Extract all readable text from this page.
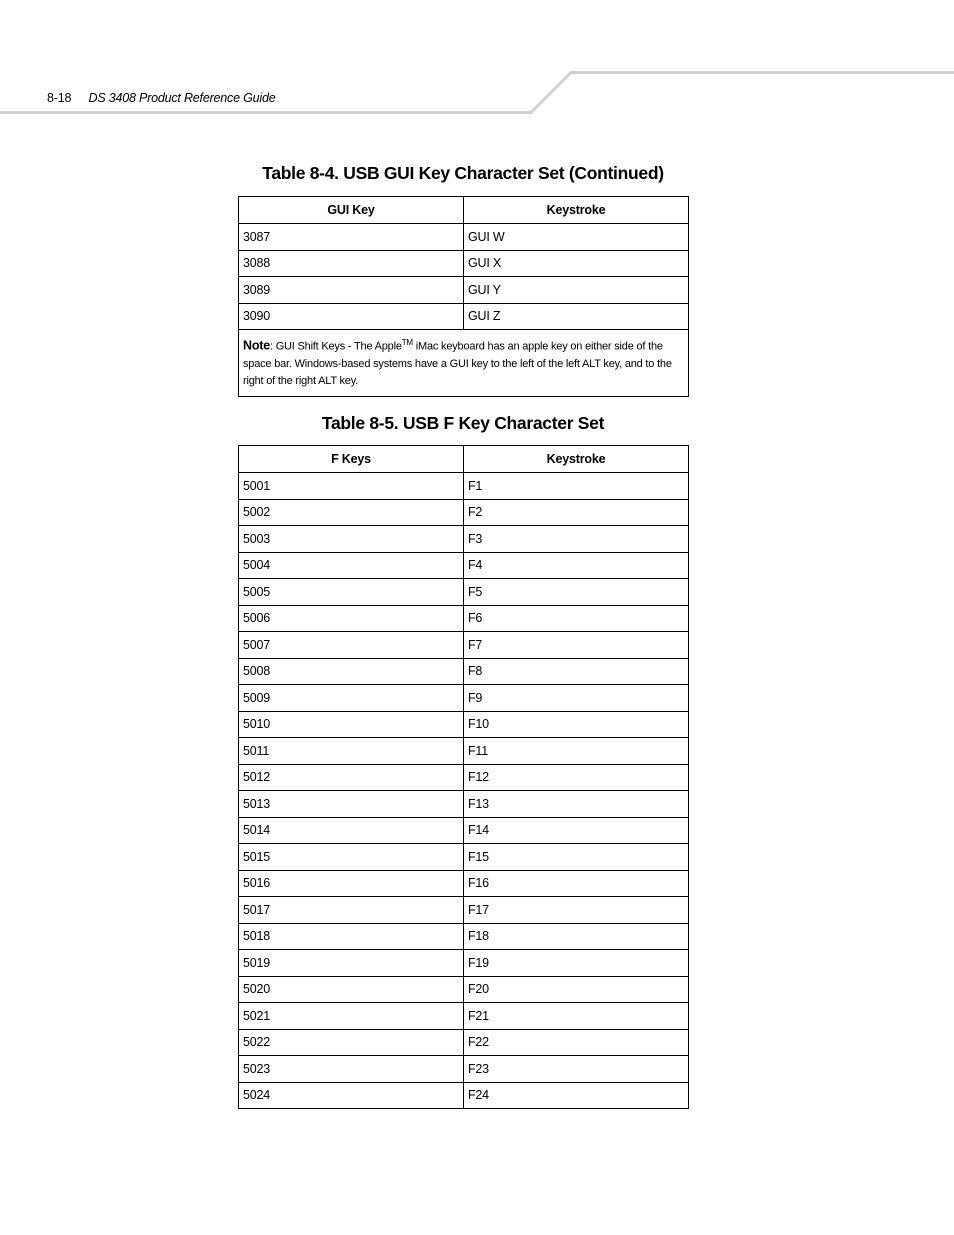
8-18 DS 3408 Product Reference Guide
Table 8-4. USB GUI Key Character Set (Continued)
GUI Key	Keystroke
3087	GUI W
3088	GUI X
3089	GUI Y
3090	GUI Z
Note: GUI Shift Keys - The Apple™ iMac keyboard has an apple key on either side of the space bar. Windows-based systems have a GUI key to the left of the left ALT key, and to the right of the right ALT key.	
Table 8-5. USB F Key Character Set
F Keys	Keystroke
5001	F1
5002	F2
5003	F3
5004	F4
5005	F5
5006	F6
5007	F7
5008	F8
5009	F9
5010	F10
5011	F11
5012	F12
5013	F13
5014	F14
5015	F15
5016	F16
5017	F17
5018	F18
5019	F19
5020	F20
5021	F21
5022	F22
5023	F23
5024	F24
